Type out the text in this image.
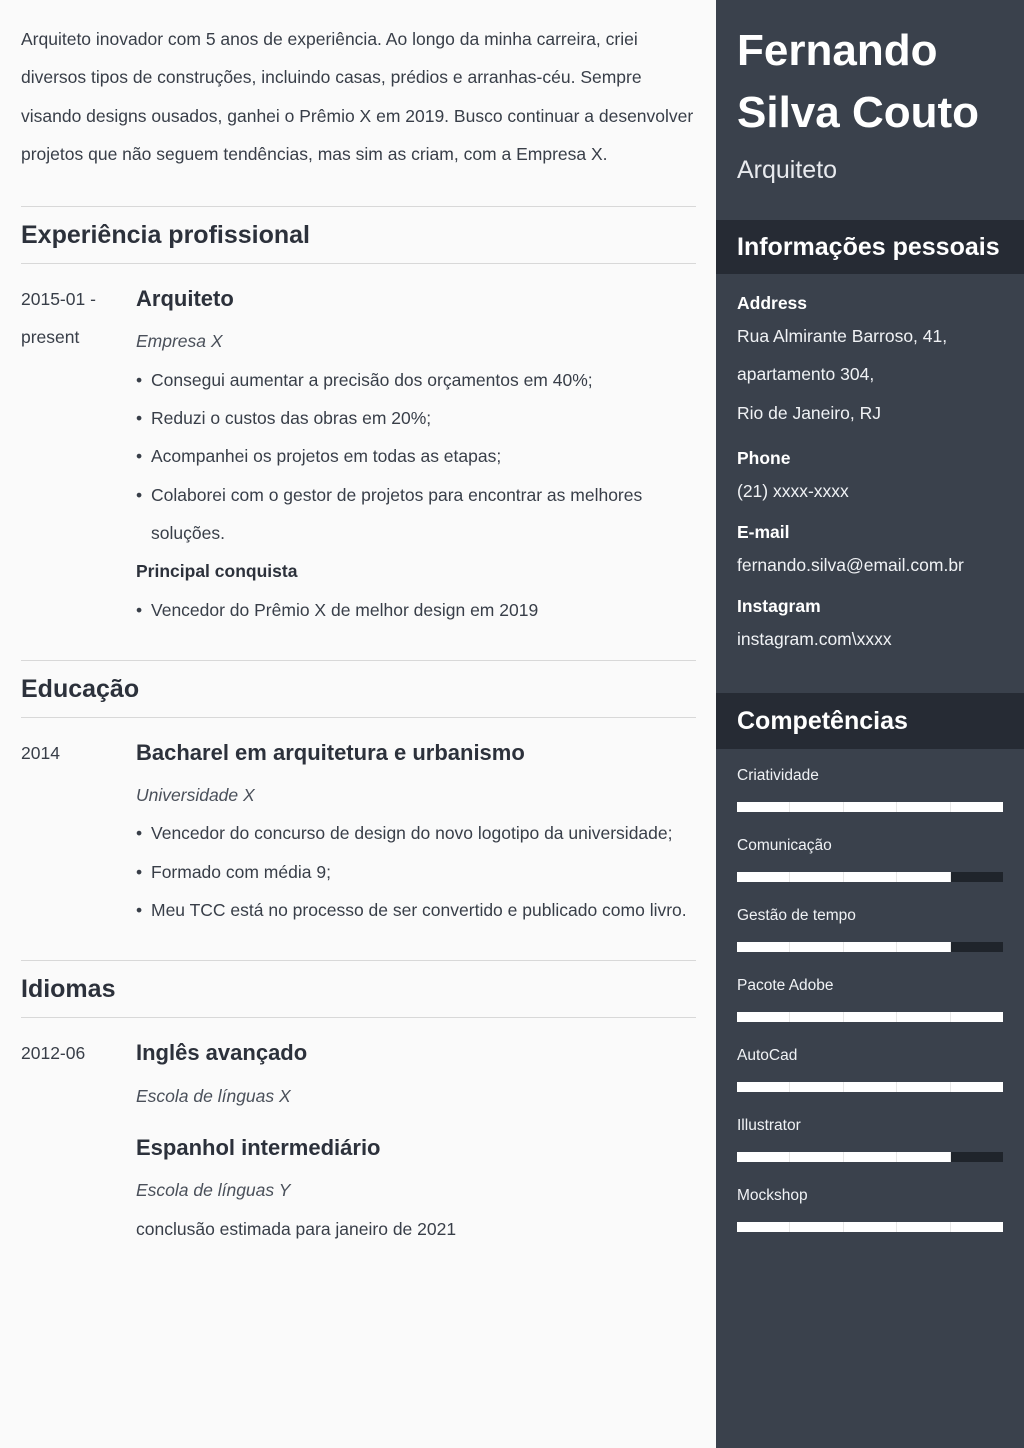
Arquiteto inovador com 5 anos de experiência. Ao longo da minha carreira, criei diversos tipos de construções, incluindo casas, prédios e arranhas-céu. Sempre visando designs ousados, ganhei o Prêmio X em 2019. Busco continuar a desenvolver projetos que não seguem tendências, mas sim as criam, com a Empresa X.

Experiência profissional
2015-01 - present
Arquiteto
Empresa X
• Consegui aumentar a precisão dos orçamentos em 40%;
• Reduzi o custos das obras em 20%;
• Acompanhei os projetos em todas as etapas;
• Colaborei com o gestor de projetos para encontrar as melhores soluções.
Principal conquista
• Vencedor do Prêmio X de melhor design em 2019
Educação
2014	Bacharel em arquitetura e urbanismo
Universidade X
• Vencedor do concurso de design do novo logotipo da universidade;
• Formado com média 9;
• Meu TCC está no processo de ser convertido e publicado como livro.
Idiomas
2012-06	Inglês avançado
Escola de línguas X
Espanhol intermediário
Escola de línguas Y
conclusão estimada para janeiro de 2021
Fernando
Silva Couto
Arquiteto
Informações pessoais
Address
Rua Almirante Barroso, 41,
apartamento 304,
Rio de Janeiro, RJ
Phone
(21) xxxx-xxxx
E-mail
fernando.silva@email.com.br
Instagram
instagram.com\xxxx
Competências
Criatividade
Comunicação
Gestão de tempo
Pacote Adobe
AutoCad
Illustrator
Mockshop
